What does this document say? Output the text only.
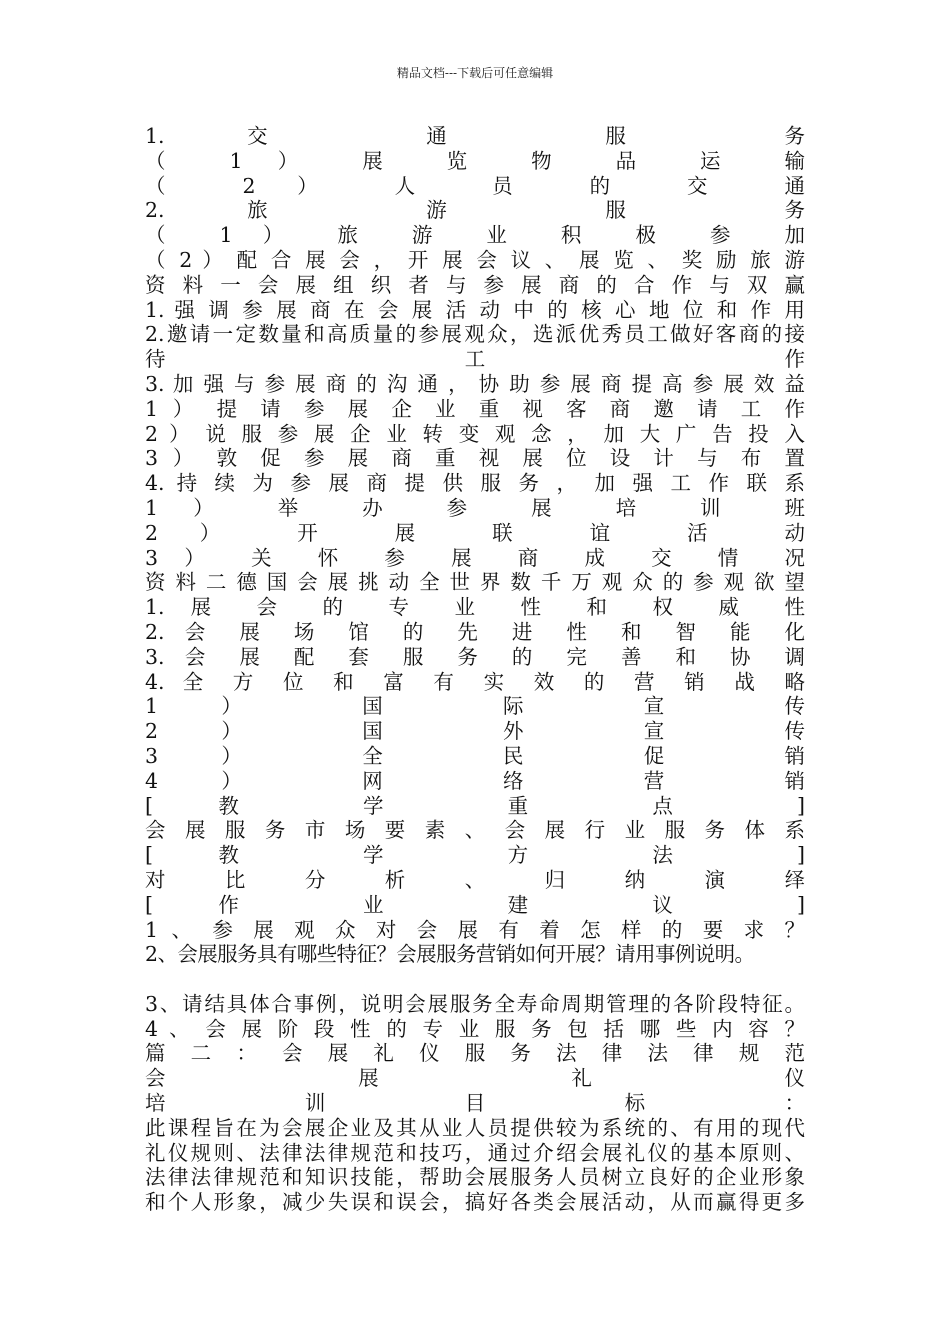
精品文档---下载后可任意编辑
1. 交 通 服 务
（ 1 ） 展 览 物 品 运 输
（ 2 ） 人 员 的 交 通
2. 旅 游 服 务
（ 1 ） 旅 游 业 积 极 参 加
（ 2 ） 配 合 展 会 ， 开 展 会 议 、 展 览 、 奖 励 旅 游
资 料 一 会 展 组 织 者 与 参 展 商 的 合 作 与 双 赢
1. 强 调 参 展 商 在 会 展 活 动 中 的 核 心 地 位 和 作 用
2.邀请一定数量和高质量的参展观众，选派优秀员工做好客商的接
待 工 作
3. 加 强 与 参 展 商 的 沟 通 ， 协 助 参 展 商 提 高 参 展 效 益
1 ） 提 请 参 展 企 业 重 视 客 商 邀 请 工 作
2 ） 说 服 参 展 企 业 转 变 观 念 ， 加 大 广 告 投 入
3 ） 敦 促 参 展 商 重 视 展 位 设 计 与 布 置
4. 持 续 为 参 展 商 提 供 服 务 ， 加 强 工 作 联 系
1 ） 举 办 参 展 培 训 班
2 ） 开 展 联 谊 活 动
3 ） 关 怀 参 展 商 成 交 情 况
资 料 二 德 国 会 展 挑 动 全 世 界 数 千 万 观 众 的 参 观 欲 望
1. 展 会 的 专 业 性 和 权 威 性
2. 会 展 场 馆 的 先 进 性 和 智 能 化
3. 会 展 配 套 服 务 的 完 善 和 协 调
4. 全 方 位 和 富 有 实 效 的 营 销 战 略
1 ） 国 际 宣 传
2 ） 国 外 宣 传
3 ） 全 民 促 销
4 ） 网 络 营 销
[ 教 学 重 点 ]
会 展 服 务 市 场 要 素 、 会 展 行 业 服 务 体 系
[ 教 学 方 法 ]
对 比 分 析 、 归 纳 演 绎
[ 作 业 建 议 ]
1 、 参 展 观 众 对 会 展 有 着 怎 样 的 要 求 ？
2、会展服务具有哪些特征？会展服务营销如何开展？请用事例说明。
3、请结具体合事例，说明会展服务全寿命周期管理的各阶段特征。
4 、 会 展 阶 段 性 的 专 业 服 务 包 括 哪 些 内 容 ？
篇 二 ： 会 展 礼 仪 服 务 法 律 法 律 规 范
会 展 礼 仪
培 训 目 标 ：
此课程旨在为会展企业及其从业人员提供较为系统的、有用的现代
礼仪规则、法律法律规范和技巧，通过介绍会展礼仪的基本原则、
法律法律规范和知识技能，帮助会展服务人员树立良好的企业形象
和个人形象，减少失误和误会，搞好各类会展活动，从而赢得更多
